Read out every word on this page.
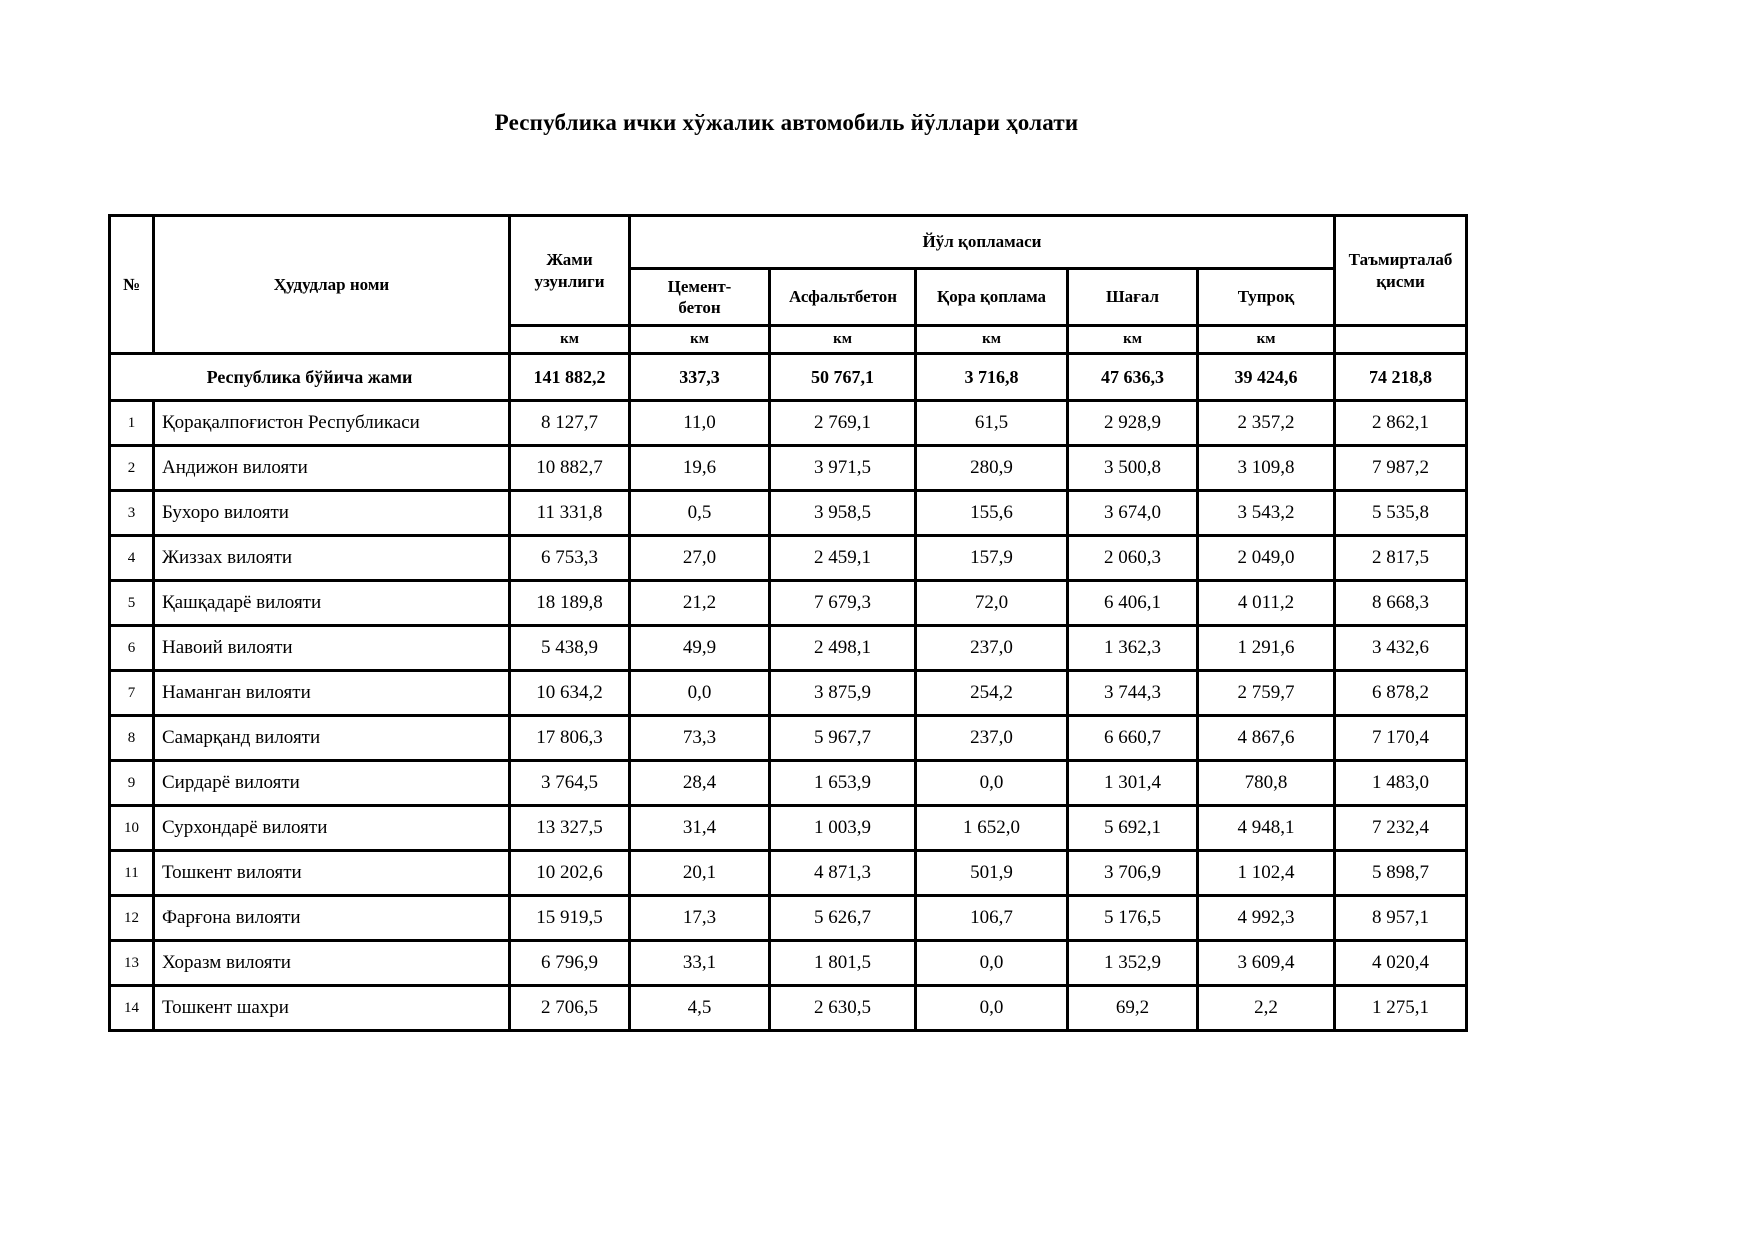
Республика ички хўжалик автомобиль йўллари ҳолати
№	Ҳудудлар номи	Жами узунлиги	Йўл қопламаси					Таъмирталаб қисми
			Цемент-бетон	Асфальтбетон	Қора қоплама	Шағал	Тупроқ	
		км	км	км	км	км	км	
Республика бўйича жами		141 882,2	337,3	50 767,1	3 716,8	47 636,3	39 424,6	74 218,8
1	Қорақалпоғистон Республикаси	8 127,7	11,0	2 769,1	61,5	2 928,9	2 357,2	2 862,1
2	Андижон вилояти	10 882,7	19,6	3 971,5	280,9	3 500,8	3 109,8	7 987,2
3	Бухоро вилояти	11 331,8	0,5	3 958,5	155,6	3 674,0	3 543,2	5 535,8
4	Жиззах вилояти	6 753,3	27,0	2 459,1	157,9	2 060,3	2 049,0	2 817,5
5	Қашқадарё вилояти	18 189,8	21,2	7 679,3	72,0	6 406,1	4 011,2	8 668,3
6	Навоий вилояти	5 438,9	49,9	2 498,1	237,0	1 362,3	1 291,6	3 432,6
7	Наманган вилояти	10 634,2	0,0	3 875,9	254,2	3 744,3	2 759,7	6 878,2
8	Самарқанд вилояти	17 806,3	73,3	5 967,7	237,0	6 660,7	4 867,6	7 170,4
9	Сирдарё вилояти	3 764,5	28,4	1 653,9	0,0	1 301,4	780,8	1 483,0
10	Сурхондарё вилояти	13 327,5	31,4	1 003,9	1 652,0	5 692,1	4 948,1	7 232,4
11	Тошкент вилояти	10 202,6	20,1	4 871,3	501,9	3 706,9	1 102,4	5 898,7
12	Фарғона вилояти	15 919,5	17,3	5 626,7	106,7	5 176,5	4 992,3	8 957,1
13	Хоразм вилояти	6 796,9	33,1	1 801,5	0,0	1 352,9	3 609,4	4 020,4
14	Тошкент шахри	2 706,5	4,5	2 630,5	0,0	69,2	2,2	1 275,1
